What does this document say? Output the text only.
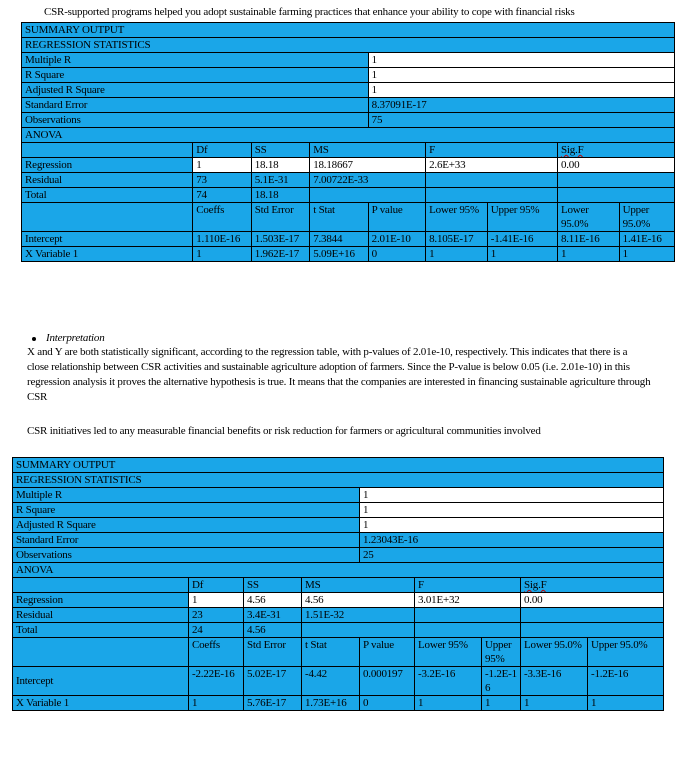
CSR-supported programs helped you adopt sustainable farming practices that enhance your ability to cope with financial risks
SUMMARY OUTPUT								
REGRESSION STATISTICS								
Multiple R				1				
R Square				1				
Adjusted R Square				1				
Standard Error				8.37091E-17				
Observations				75				
ANOVA								
	Df	SS	MS		F		Sig.F	
Regression	1	18.18	18.18667		2.6E+33		0.00	
Residual	73	5.1E-31	7.00722E-33					
Total	74	18.18						
	Coeffs	Std Error	t Stat	P value	Lower 95%	Upper 95%	Lower 95.0%	Upper 95.0%
Intercept	1.110E-16	1.503E-17	7.3844	2.01E-10	8.105E-17	-1.41E-16	8.11E-16	1.41E-16
X Variable 1	1	1.962E-17	5.09E+16	0	1	1	1	1
Interpretation
X and Y are both statistically significant, according to the regression table, with p-values of 2.01e-10, respectively. This indicates that there is a close relationship between CSR activities and sustainable agriculture adoption of farmers. Since the P-value is below 0.05 (i.e. 2.01e-10) in this regression analysis it proves the alternative hypothesis is true. It means that the companies are interested in financing sustainable agriculture through CSR
CSR initiatives led to any measurable financial benefits or risk reduction for farmers or agricultural communities involved
SUMMARY OUTPUT								
REGRESSION STATISTICS								
Multiple R				1				
R Square				1				
Adjusted R Square				1				
Standard Error				1.23043E-16				
Observations				25				
ANOVA								
	Df	SS	MS		F		Sig.F	
Regression	1	4.56	4.56		3.01E+32		0.00	
Residual	23	3.4E-31	1.51E-32					
Total	24	4.56						
	Coeffs	Std Error	t Stat	P value	Lower 95%	Upper 95%	Lower 95.0%	Upper 95.0%
Intercept	-2.22E-16	5.02E-17	-4.42	0.000197	-3.2E-16	-1.2E-16	-3.3E-16	-1.2E-16
X Variable 1	1	5.76E-17	1.73E+16	0	1	1	1	1
